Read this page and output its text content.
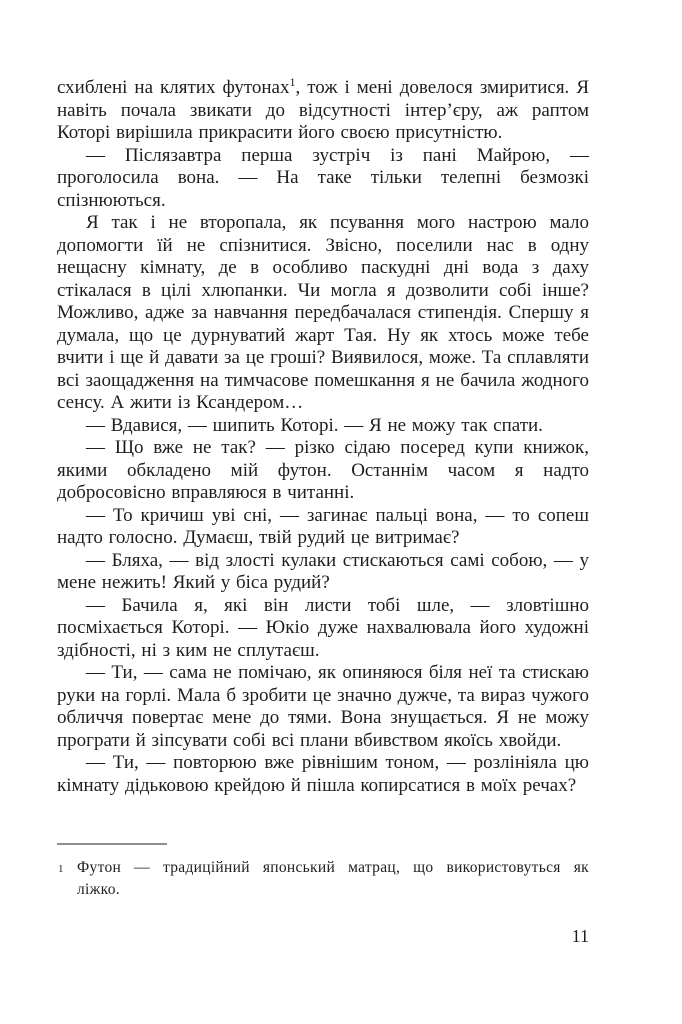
схиблені на клятих футонах$^1$, тож і мені довелося змиритися. Я навіть почала звикати до відсутності інтер’єру, аж раптом Которі вирішила прикрасити його своєю присутністю.

— Післязавтра перша зустріч із пані Майрою, — проголосила вона. — На таке тільки телепні безмозкі спізнюються.

Я так і не второпала, як псування мого настрою мало допомогти їй не спізнитися. Звісно, поселили нас в одну нещасну кімнату, де в особливо паскудні дні вода з даху стікалася в цілі хлюпанки. Чи могла я дозволити собі інше? Можливо, адже за навчання передбачалася стипендія. Спершу я думала, що це дурнуватий жарт Тая. Ну як хтось може тебе вчити і ще й давати за це гроші? Виявилося, може. Та сплавляти всі заощадження на тимчасове помешкання я не бачила жодного сенсу. А жити із Ксандером…

— Вдавися, — шипить Которі. — Я не можу так спати.

— Що вже не так? — різко сідаю посеред купи книжок, якими обкладено мій футон. Останнім часом я надто добросовісно вправляюся в читанні.

— То кричиш уві сні, — загинає пальці вона, — то сопеш надто голосно. Думаєш, твій рудий це витримає?

— Бляха, — від злості кулаки стискаються самі собою, — у мене нежить! Який у біса рудий?

— Бачила я, які він листи тобі шле, — зловтішно посміхається Которі. — Юкіо дуже нахвалювала його художні здібності, ні з ким не сплутаєш.

— Ти, — сама не помічаю, як опиняюся біля неї та стискаю руки на горлі. Мала б зробити це значно дужче, та вираз чужого обличчя повертає мене до тями. Вона знущається. Я не можу програти й зіпсувати собі всі плани вбивством якоїсь хвойди.

— Ти, — повторюю вже рівнішим тоном, — розлініяла цю кімнату дідьковою крейдою й пішла копирсатися в моїх речах?

1 Футон — традиційний японський матрац, що використовуться як ліжко.
11
